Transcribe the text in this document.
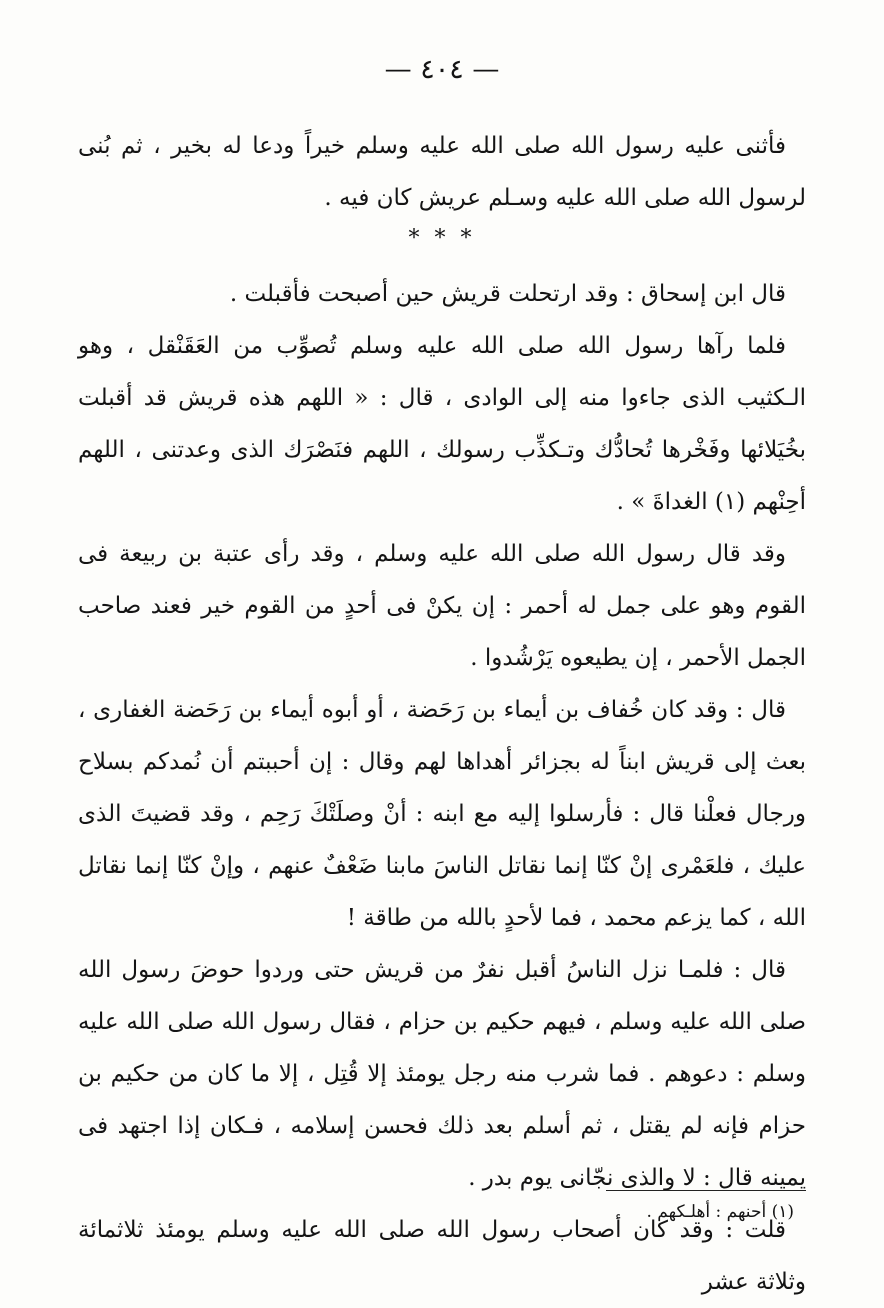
— ٤٠٤ —

فأثنى عليه رسول الله صلى الله عليه وسلم خيراً ودعا له بخير ، ثم بُنى لرسول الله صلى الله عليه وسـلم عريش كان فيه .

* * *

قال ابن إسحاق : وقد ارتحلت قريش حين أصبحت فأقبلت .

فلما رآها رسول الله صلى الله عليه وسلم تُصوِّب من العَقَنْقل ، وهو الـكثيب الذى جاءوا منه إلى الوادى ، قال : « اللهم هذه قريش قد أقبلت بخُيَلائها وفَخْرها تُحادُّك وتـكذِّب رسولك ، اللهم فنَصْرَك الذى وعدتنى ، اللهم أحِنْهم (١) الغداةَ » .

وقد قال رسول الله صلى الله عليه وسلم ، وقد رأى عتبة بن ربيعة فى القوم وهو على جمل له أحمر : إن يكنْ فى أحدٍ من القوم خير فعند صاحب الجمل الأحمر ، إن يطيعوه يَرْشُدوا .

قال : وقد كان خُفاف بن أيماء بن رَحَضة ، أو أبوه أيماء بن رَحَضة الغفارى ، بعث إلى قريش ابناً له بجزائر أهداها لهم وقال : إن أحببتم أن نُمدكم بسلاح ورجال فعلْنا قال : فأرسلوا إليه مع ابنه : أنْ وصلَتْكَ رَحِم ، وقد قضيتَ الذى عليك ، فلعَمْرى إنْ كنّا إنما نقاتل الناسَ مابنا ضَعْفٌ عنهم ، وإنْ كنّا إنما نقاتل الله ، كما يزعم محمد ، فما لأحدٍ بالله من طاقة !

قال : فلمـا نزل الناسُ أقبل نفرٌ من قريش حتى وردوا حوضَ رسول الله صلى الله عليه وسلم ، فيهم حكيم بن حزام ، فقال رسول الله صلى الله عليه وسلم : دعوهم . فما شرب منه رجل يومئذ إلا قُتِل ، إلا ما كان من حكيم بن حزام فإنه لم يقتل ، ثم أسلم بعد ذلك فحسن إسلامه ، فـكان إذا اجتهد فى يمينه قال : لا والذى نجّانى يوم بدر .

قلت : وقد كان أصحاب رسول الله صلى الله عليه وسلم يومئذ ثلاثمائة وثلاثة عشر

(١) أحنهم : أهلـكهم .
